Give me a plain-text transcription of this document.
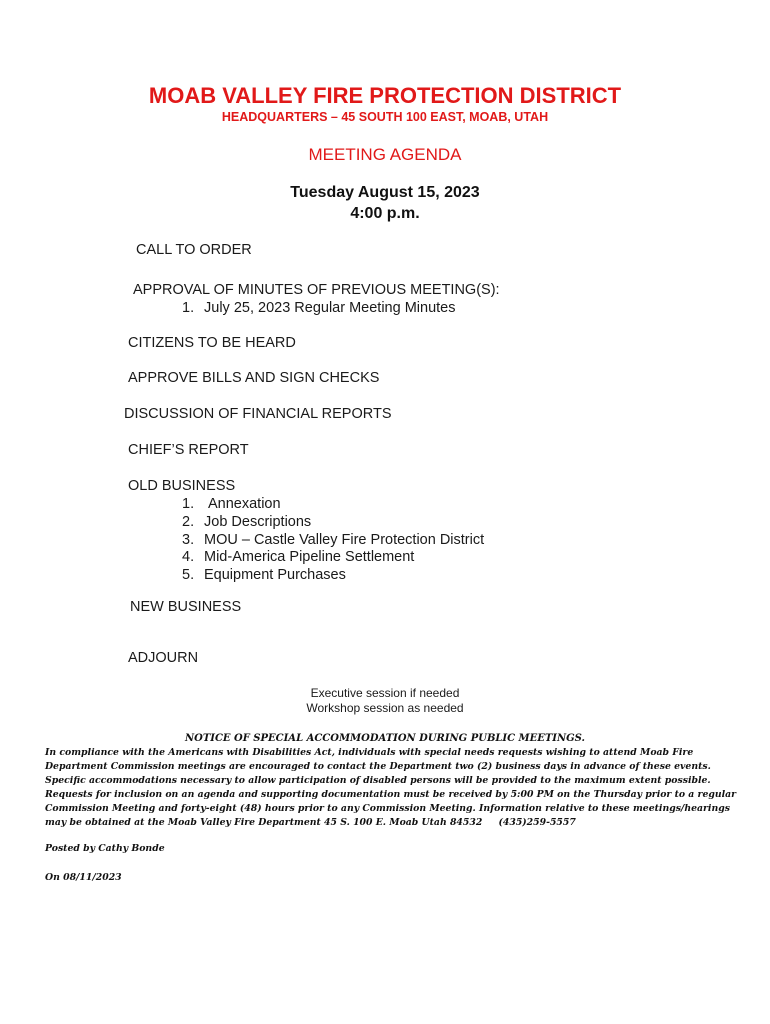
MOAB VALLEY FIRE PROTECTION DISTRICT
HEADQUARTERS – 45 SOUTH 100 EAST, MOAB, UTAH
MEETING AGENDA
Tuesday August 15, 2023
4:00 p.m.
CALL TO ORDER
APPROVAL OF MINUTES OF PREVIOUS MEETING(S):
1. July 25, 2023 Regular Meeting Minutes
CITIZENS TO BE HEARD
APPROVE BILLS AND SIGN CHECKS
DISCUSSION OF FINANCIAL REPORTS
CHIEF’S REPORT
OLD BUSINESS
1. Annexation
2. Job Descriptions
3. MOU – Castle Valley Fire Protection District
4. Mid-America Pipeline Settlement
5. Equipment Purchases
NEW BUSINESS
ADJOURN
Executive session if needed
Workshop session as needed
NOTICE OF SPECIAL ACCOMMODATION DURING PUBLIC MEETINGS.
In compliance with the Americans with Disabilities Act, individuals with special needs requests wishing to attend Moab Fire
Department Commission meetings are encouraged to contact the Department two (2) business days in advance of these events.
Specific accommodations necessary to allow participation of disabled persons will be provided to the maximum extent possible.
Requests for inclusion on an agenda and supporting documentation must be received by 5:00 PM on the Thursday prior to a regular
Commission Meeting and forty-eight (48) hours prior to any Commission Meeting. Information relative to these meetings/hearings
may be obtained at the Moab Valley Fire Department 45 S. 100 E. Moab Utah 84532     (435)259-5557
Posted by Cathy Bonde
On 08/11/2023
